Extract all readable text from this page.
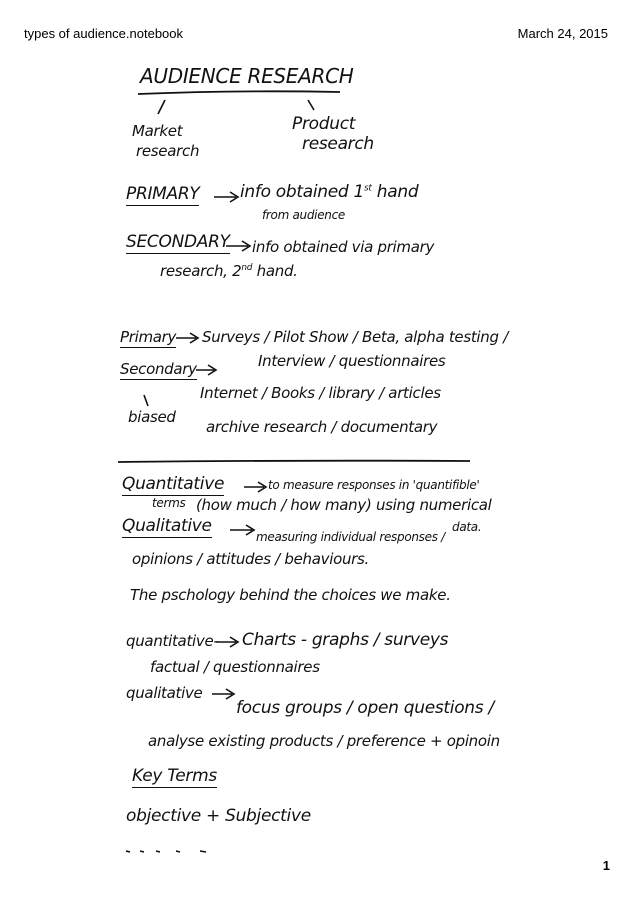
types of audience.notebook	March 24, 2015
AUDIENCE RESEARCH
Market
research
Product
research
PRIMARY info obtained 1st hand
from audience
SECONDARY info obtained via primary
research, 2nd hand.
Primary Surveys / Pilot Show / Beta, alpha testing /
Interview / questionnaires
Secondary
Internet / Books / library / articles
archive research / documentary
biased
Quantitative	to measure responses in 'quantifible'
terms (how much / how many) using numerical
data.
Qualitative
measuring individual responses /
opinions / attitudes / behaviours.
The pschology behind the choices we make.
quantitative- Charts - graphs / surveys
factual / questionnaires
qualitative
focus groups / open questions /
analyse existing products / preference + opinoin
Key Terms
objective + Subjective
1
